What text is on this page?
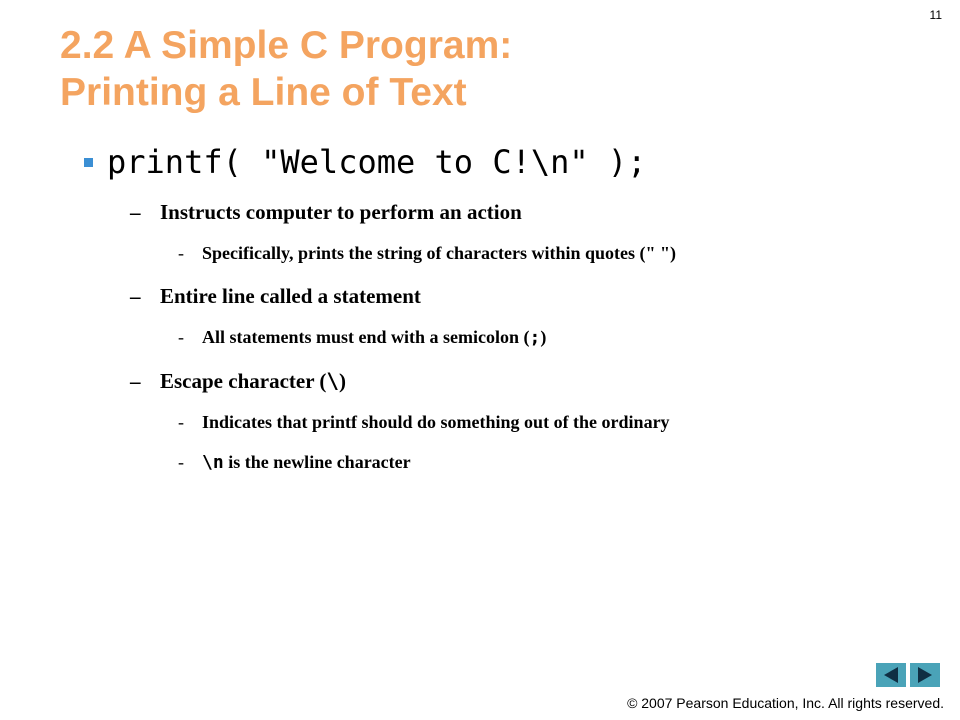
11
2.2 A Simple C Program:
Printing a Line of Text
printf( "Welcome to C!\n" );
– Instructs computer to perform an action
- Specifically, prints the string of characters within quotes (" ")
– Entire line called a statement
- All statements must end with a semicolon (;)
– Escape character (\)
- Indicates that printf should do something out of the ordinary
- \n is the newline character
© 2007 Pearson Education, Inc. All rights reserved.
